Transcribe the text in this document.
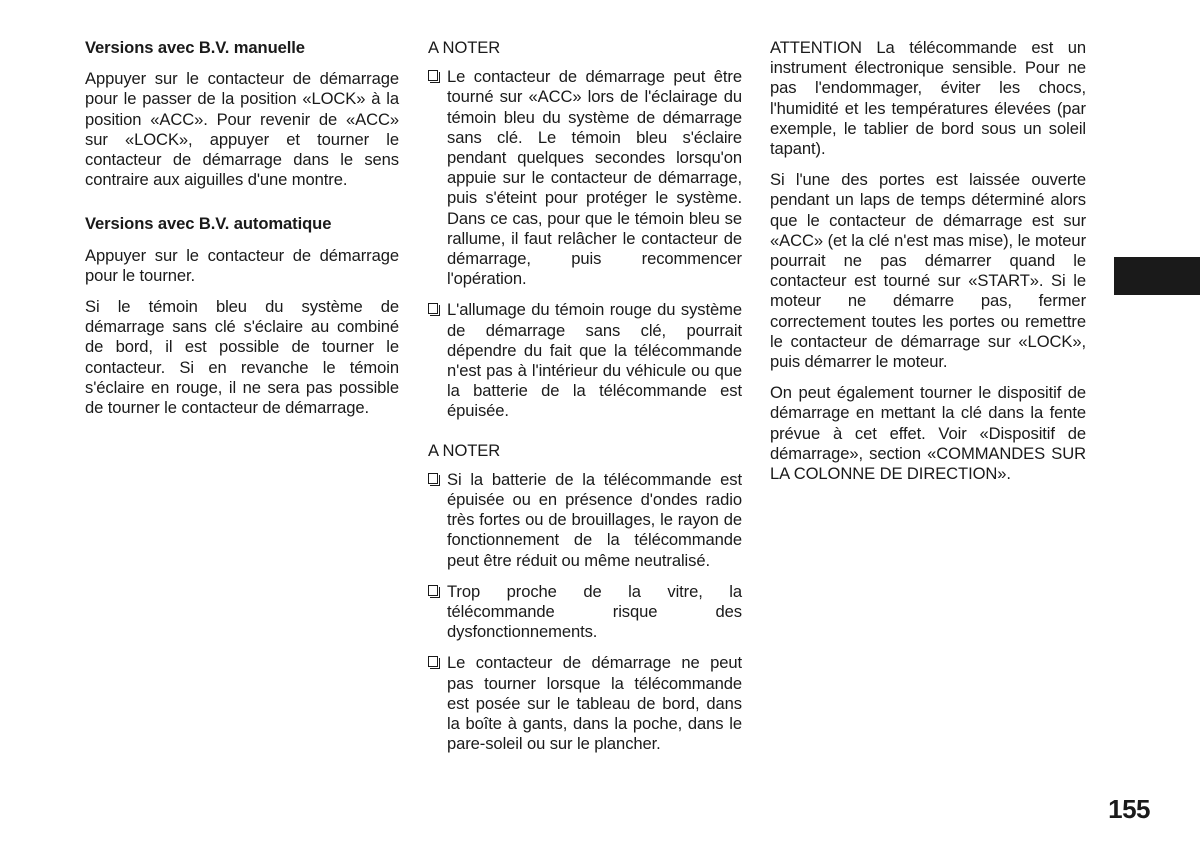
Versions avec B.V. manuelle

Appuyer sur le contacteur de démarrage pour le passer de la position «LOCK» à la position «ACC». Pour revenir de «ACC» sur «LOCK», appuyer et tourner le contacteur de démarrage dans le sens contraire aux aiguilles d'une montre.

Versions avec B.V. automatique

Appuyer sur le contacteur de démarrage pour le tourner.

Si le témoin bleu du système de démarrage sans clé s'éclaire au combiné de bord, il est possible de tourner le contacteur. Si en revanche le témoin s'éclaire en rouge, il ne sera pas possible de tourner le contacteur de démarrage.

A NOTER

Le contacteur de démarrage peut être tourné sur «ACC» lors de l'éclairage du témoin bleu du système de démarrage sans clé. Le témoin bleu s'éclaire pendant quelques secondes lorsqu'on appuie sur le contacteur de démarrage, puis s'éteint pour protéger le système. Dans ce cas, pour que le témoin bleu se rallume, il faut relâcher le contacteur de démarrage, puis recommencer l'opération.
L'allumage du témoin rouge du système de démarrage sans clé, pourrait dépendre du fait que la télécommande n'est pas à l'intérieur du véhicule ou que la batterie de la télécommande est épuisée.

A NOTER

Si la batterie de la télécommande est épuisée ou en présence d'ondes radio très fortes ou de brouillages, le rayon de fonctionnement de la télécommande peut être réduit ou même neutralisé.
Trop proche de la vitre, la télécommande risque des dysfonctionnements.
Le contacteur de démarrage ne peut pas tourner lorsque la télécommande est posée sur le tableau de bord, dans la boîte à gants, dans la poche, dans le pare-soleil ou sur le plancher.

ATTENTION La télécommande est un instrument électronique sensible. Pour ne pas l'endommager, éviter les chocs, l'humidité et les températures élevées (par exemple, le tablier de bord sous un soleil tapant).

Si l'une des portes est laissée ouverte pendant un laps de temps déterminé alors que le contacteur de démarrage est sur «ACC» (et la clé n'est mas mise), le moteur pourrait ne pas démarrer quand le contacteur est tourné sur «START». Si le moteur ne démarre pas, fermer correctement toutes les portes ou remettre le contacteur de démarrage sur «LOCK», puis démarrer le moteur.

On peut également tourner le dispositif de démarrage en mettant la clé dans la fente prévue à cet effet. Voir «Dispositif de démarrage», section «COMMANDES SUR LA COLONNE DE DIRECTION».

155
